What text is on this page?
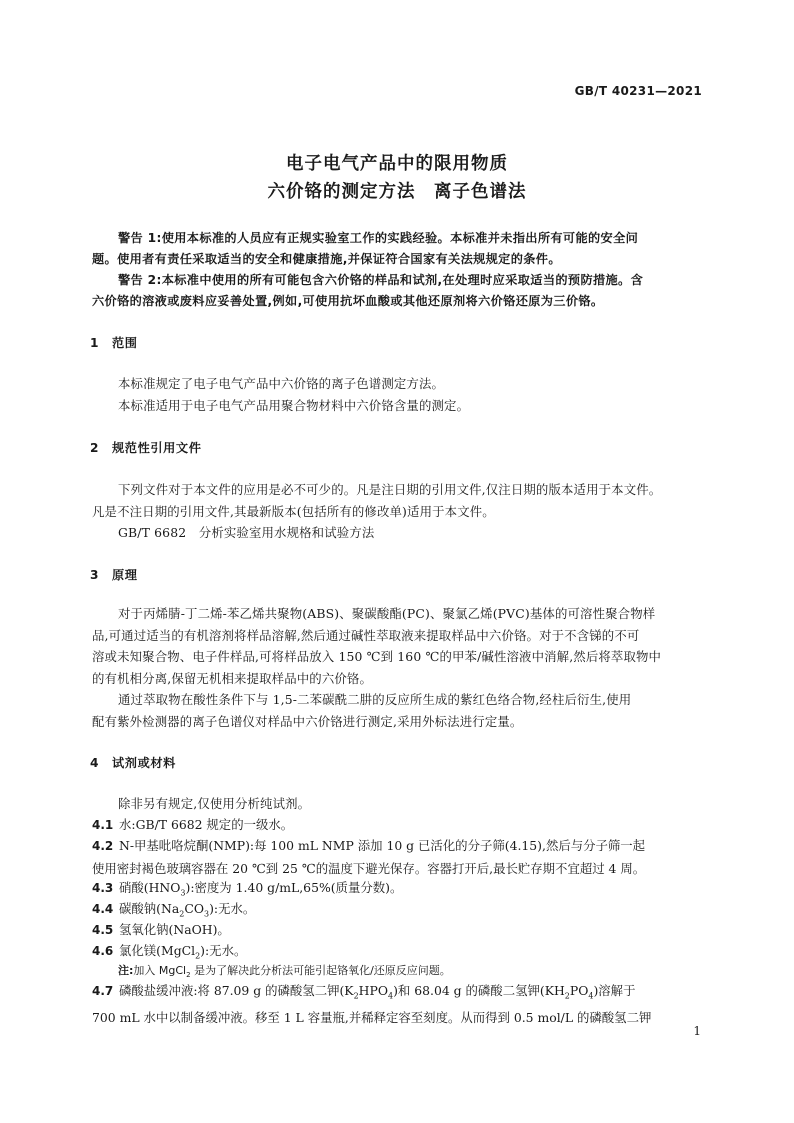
GB/T 40231—2021
电子电气产品中的限用物质
六价铬的测定方法　离子色谱法
警告 1:使用本标准的人员应有正规实验室工作的实践经验。本标准并未指出所有可能的安全问
题。使用者有责任采取适当的安全和健康措施,并保证符合国家有关法规规定的条件。
警告 2:本标准中使用的所有可能包含六价铬的样品和试剂,在处理时应采取适当的预防措施。含
六价铬的溶液或废料应妥善处置,例如,可使用抗坏血酸或其他还原剂将六价铬还原为三价铬。
1 范围
本标准规定了电子电气产品中六价铬的离子色谱测定方法。
本标准适用于电子电气产品用聚合物材料中六价铬含量的测定。
2 规范性引用文件
下列文件对于本文件的应用是必不可少的。凡是注日期的引用文件,仅注日期的版本适用于本文件。
凡是不注日期的引用文件,其最新版本(包括所有的修改单)适用于本文件。
GB/T 6682　分析实验室用水规格和试验方法
3 原理
对于丙烯腈-丁二烯-苯乙烯共聚物(ABS)、聚碳酸酯(PC)、聚氯乙烯(PVC)基体的可溶性聚合物样
品,可通过适当的有机溶剂将样品溶解,然后通过碱性萃取液来提取样品中六价铬。对于不含锑的不可
溶或未知聚合物、电子件样品,可将样品放入 150 ℃到 160 ℃的甲苯/碱性溶液中消解,然后将萃取物中
的有机相分离,保留无机相来提取样品中的六价铬。
通过萃取物在酸性条件下与 1,5-二苯碳酰二肼的反应所生成的紫红色络合物,经柱后衍生,使用
配有紫外检测器的离子色谱仪对样品中六价铬进行测定,采用外标法进行定量。
4 试剂或材料
除非另有规定,仅使用分析纯试剂。
4.1 水:GB/T 6682 规定的一级水。
4.2 N-甲基吡咯烷酮(NMP):每 100 mL NMP 添加 10 g 已活化的分子筛(4.15),然后与分子筛一起
使用密封褐色玻璃容器在 20 ℃到 25 ℃的温度下避光保存。容器打开后,最长贮存期不宜超过 4 周。
4.3 硝酸$(HNO_3)$:密度为 1.40 g/mL,65%(质量分数)。
4.4 碳酸钠$(Na_2CO_3)$:无水。
4.5 氢氧化钠(NaOH)。
4.6 氯化镁(MgCl$_2$):无水。
注:加入 MgCl$_2$ 是为了解决此分析法可能引起铬氧化/还原反应问题。
4.7 磷酸盐缓冲液:将 87.09 g 的磷酸氢二钾$(K_2HPO_4)$和 68.04 g 的磷酸二氢钾$(KH_2PO_4)$溶解于
700 mL 水中以制备缓冲液。移至 1 L 容量瓶,并稀释定容至刻度。从而得到 0.5 mol/L 的磷酸氢二钾
1
